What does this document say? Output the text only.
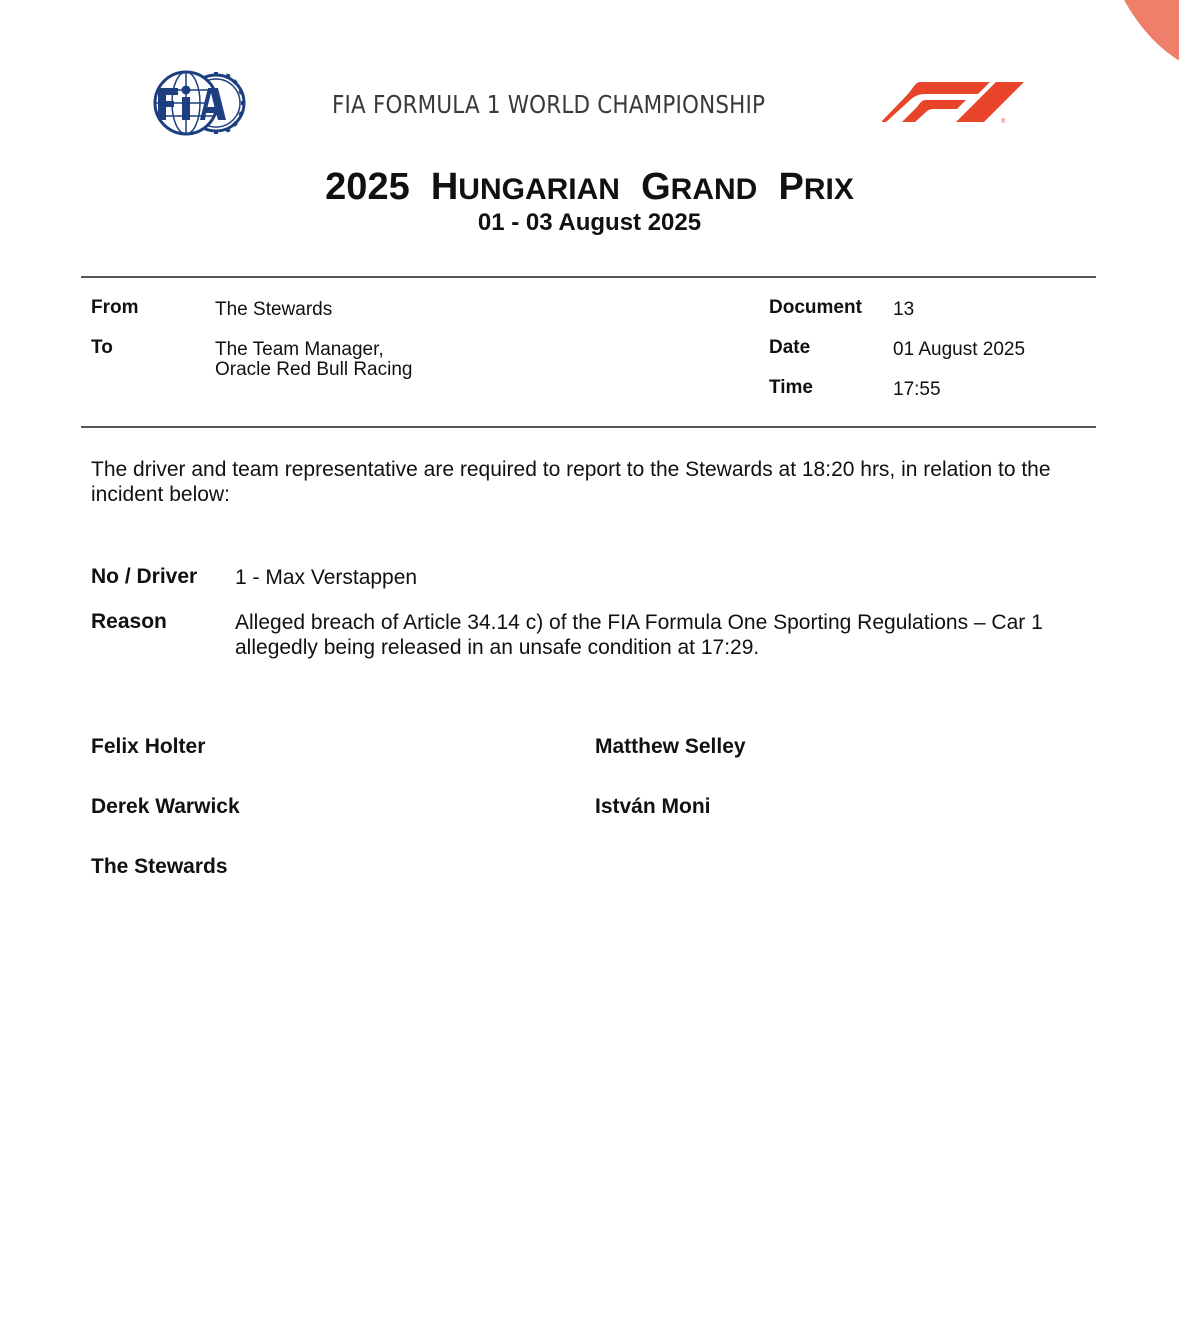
FIA FORMULA 1 WORLD CHAMPIONSHIP
®
2025 HUNGARIAN GRAND PRIX
01 - 03 August 2025
From	The Stewards
To	The Team Manager,
Oracle Red Bull Racing
Document 13
Date	01 August 2025
Time	17:55
The driver and team representative are required to report to the Stewards at 18:20 hrs, in relation to the incident below:
No / Driver 1 - Max Verstappen
Reason	Alleged breach of Article 34.14 c) of the FIA Formula One Sporting Regulations – Car 1 allegedly being released in an unsafe condition at 17:29.
Felix Holter	Matthew Selley
Derek Warwick	István Moni
The Stewards
